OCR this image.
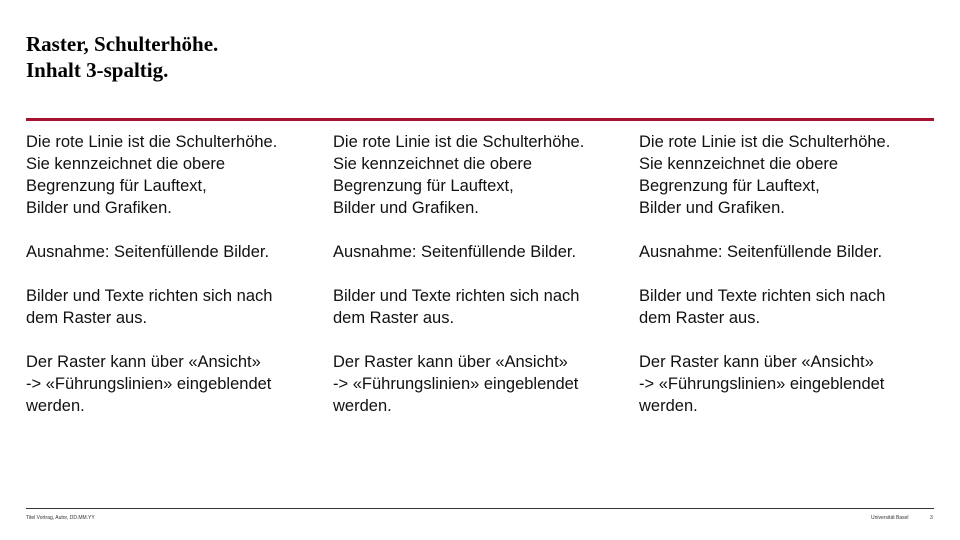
Raster, Schulterhöhe.
Inhalt 3-spaltig.
Die rote Linie ist die Schulterhöhe.
Sie kennzeichnet die obere
Begrenzung für Lauftext,
Bilder und Grafiken.
Ausnahme: Seitenfüllende Bilder.
Bilder und Texte richten sich nach
dem Raster aus.
Der Raster kann über «Ansicht»
-> «Führungslinien» eingeblendet
werden.
Die rote Linie ist die Schulterhöhe.
Sie kennzeichnet die obere
Begrenzung für Lauftext,
Bilder und Grafiken.
Ausnahme: Seitenfüllende Bilder.
Bilder und Texte richten sich nach
dem Raster aus.
Der Raster kann über «Ansicht»
-> «Führungslinien» eingeblendet
werden.
Die rote Linie ist die Schulterhöhe.
Sie kennzeichnet die obere
Begrenzung für Lauftext,
Bilder und Grafiken.
Ausnahme: Seitenfüllende Bilder.
Bilder und Texte richten sich nach
dem Raster aus.
Der Raster kann über «Ansicht»
-> «Führungslinien» eingeblendet
werden.
Titel Vortrag, Autor, DD.MM.YY	Universität Basel	3
